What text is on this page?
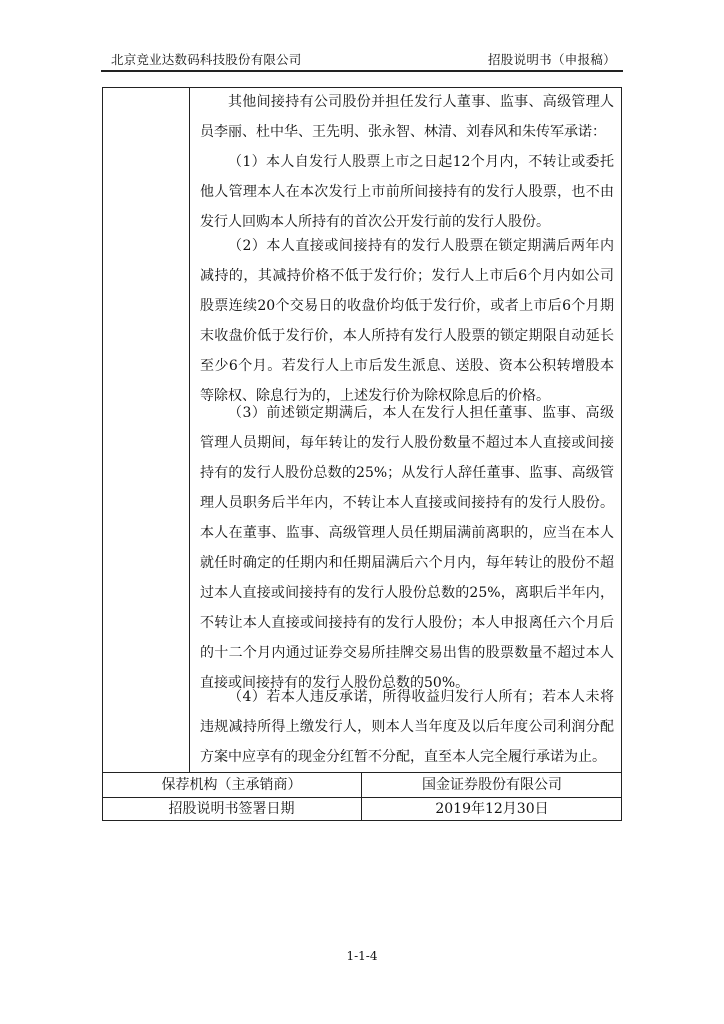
北京竞业达数码科技股份有限公司	招股说明书（申报稿）

其他间接持有公司股份并担任发行人董事、监事、高级管理人员李丽、杜中华、王先明、张永智、林清、刘春风和朱传军承诺：

（1）本人自发行人股票上市之日起12个月内，不转让或委托他人管理本人在本次发行上市前所间接持有的发行人股票，也不由发行人回购本人所持有的首次公开发行前的发行人股份。

（2）本人直接或间接持有的发行人股票在锁定期满后两年内减持的，其减持价格不低于发行价；发行人上市后6个月内如公司股票连续20个交易日的收盘价均低于发行价，或者上市后6个月期末收盘价低于发行价，本人所持有发行人股票的锁定期限自动延长至少6个月。若发行人上市后发生派息、送股、资本公积转增股本等除权、除息行为的，上述发行价为除权除息后的价格。

（3）前述锁定期满后，本人在发行人担任董事、监事、高级管理人员期间，每年转让的发行人股份数量不超过本人直接或间接持有的发行人股份总数的25%；从发行人辞任董事、监事、高级管理人员职务后半年内，不转让本人直接或间接持有的发行人股份。本人在董事、监事、高级管理人员任期届满前离职的，应当在本人就任时确定的任期内和任期届满后六个月内，每年转让的股份不超过本人直接或间接持有的发行人股份总数的25%，离职后半年内，不转让本人直接或间接持有的发行人股份；本人申报离任六个月后的十二个月内通过证券交易所挂牌交易出售的股票数量不超过本人直接或间接持有的发行人股份总数的50%。

（4）若本人违反承诺，所得收益归发行人所有；若本人未将违规减持所得上缴发行人，则本人当年度及以后年度公司利润分配方案中应享有的现金分红暂不分配，直至本人完全履行承诺为止。

保荐机构（主承销商）	国金证券股份有限公司
招股说明书签署日期	2019年12月30日
1-1-4
